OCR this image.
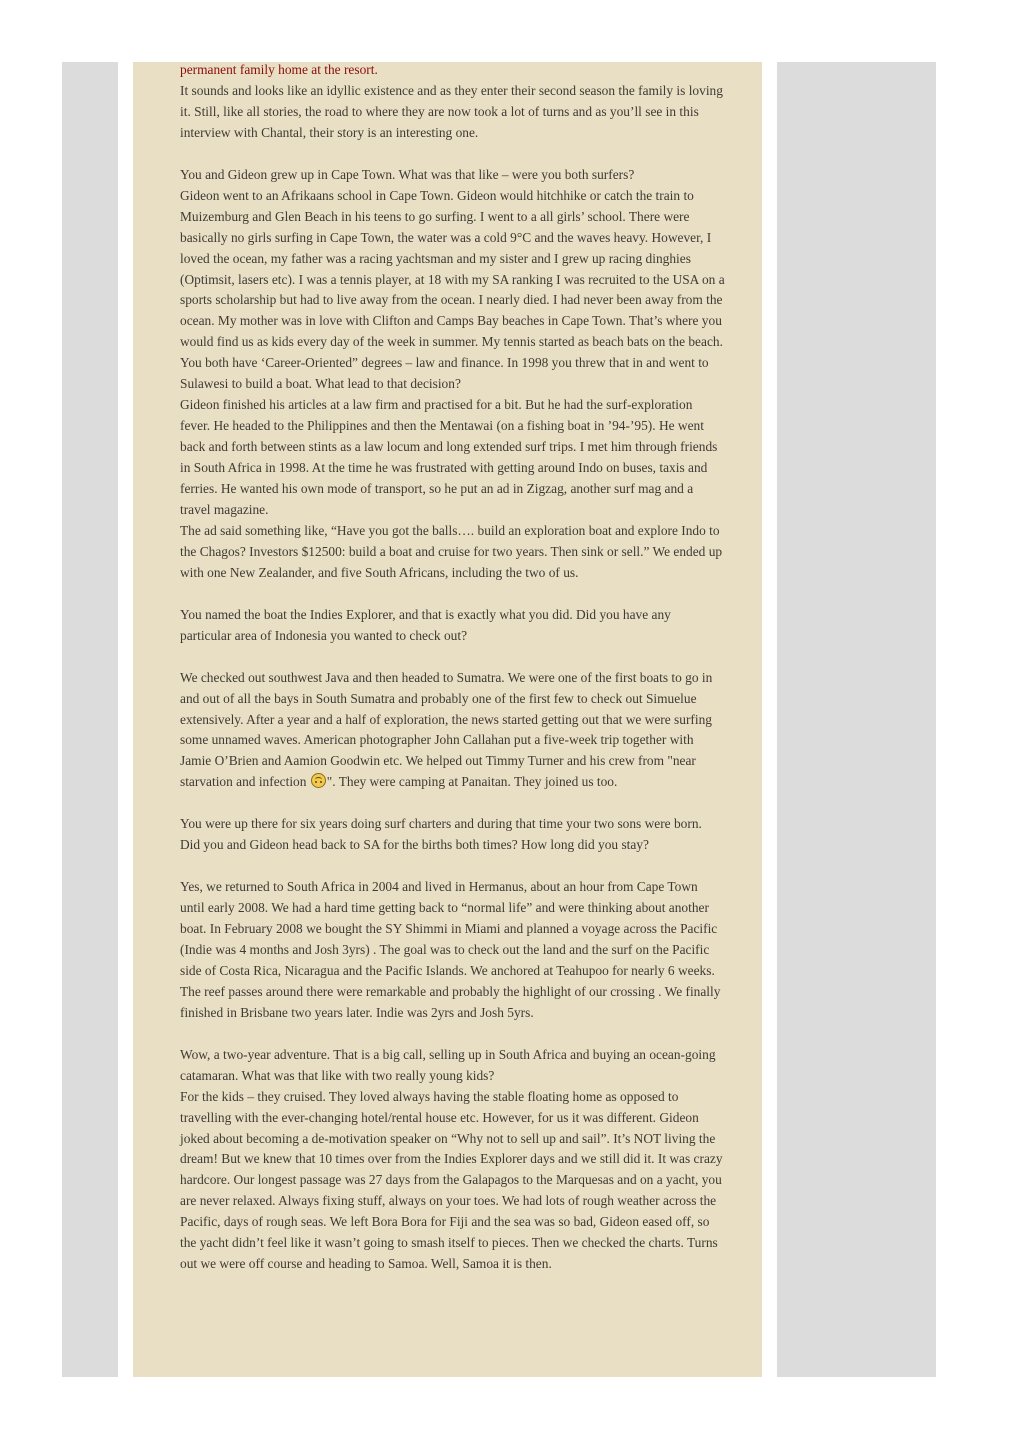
permanent family home at the resort.

It sounds and looks like an idyllic existence and as they enter their second season the family is loving it. Still, like all stories, the road to where they are now took a lot of turns and as you’ll see in this interview with Chantal, their story is an interesting one.

You and Gideon grew up in Cape Town. What was that like – were you both surfers?

Gideon went to an Afrikaans school in Cape Town. Gideon would hitchhike or catch the train to Muizemburg and Glen Beach in his teens to go surfing. I went to a all girls’ school. There were basically no girls surfing in Cape Town, the water was a cold 9°C and the waves heavy. However, I loved the ocean, my father was a racing yachtsman and my sister and I grew up racing dinghies (Optimsit, lasers etc). I was a tennis player, at 18 with my SA ranking I was recruited to the USA on a sports scholarship but had to live away from the ocean. I nearly died. I had never been away from the ocean. My mother was in love with Clifton and Camps Bay beaches in Cape Town. That’s where you would find us as kids every day of the week in summer. My tennis started as beach bats on the beach.

You both have ‘Career-Oriented” degrees – law and finance. In 1998 you threw that in and went to Sulawesi to build a boat. What lead to that decision?

Gideon finished his articles at a law firm and practised for a bit. But he had the surf-exploration fever. He headed to the Philippines and then the Mentawai (on a fishing boat in ’94-’95). He went back and forth between stints as a law locum and long extended surf trips. I met him through friends in South Africa in 1998. At the time he was frustrated with getting around Indo on buses, taxis and ferries. He wanted his own mode of transport, so he put an ad in Zigzag, another surf mag and a travel magazine.

The ad said something like, “Have you got the balls…. build an exploration boat and explore Indo to the Chagos? Investors $12500: build a boat and cruise for two years. Then sink or sell.” We ended up with one New Zealander, and five South Africans, including the two of us.

You named the boat the Indies Explorer, and that is exactly what you did. Did you have any particular area of Indonesia you wanted to check out?

We checked out southwest Java and then headed to Sumatra. We were one of the first boats to go in and out of all the bays in South Sumatra and probably one of the first few to check out Simuelue extensively. After a year and a half of exploration, the news started getting out that we were surfing some unnamed waves. American photographer John Callahan put a five-week trip together with Jamie O’Brien and Aamion Goodwin etc. We helped out Timmy Turner and his crew from "near starvation and infection ". They were camping at Panaitan. They joined us too.

You were up there for six years doing surf charters and during that time your two sons were born. Did you and Gideon head back to SA for the births both times? How long did you stay?

Yes, we returned to South Africa in 2004 and lived in Hermanus, about an hour from Cape Town until early 2008. We had a hard time getting back to “normal life” and were thinking about another boat. In February 2008 we bought the SY Shimmi in Miami and planned a voyage across the Pacific (Indie was 4 months and Josh 3yrs) . The goal was to check out the land and the surf on the Pacific side of Costa Rica, Nicaragua and the Pacific Islands. We anchored at Teahupoo for nearly 6 weeks. The reef passes around there were remarkable and probably the highlight of our crossing . We finally finished in Brisbane two years later. Indie was 2yrs and Josh 5yrs.

Wow, a two-year adventure. That is a big call, selling up in South Africa and buying an ocean-going catamaran. What was that like with two really young kids?

For the kids – they cruised. They loved always having the stable floating home as opposed to travelling with the ever-changing hotel/rental house etc. However, for us it was different. Gideon joked about becoming a de-motivation speaker on “Why not to sell up and sail”. It’s NOT living the dream! But we knew that 10 times over from the Indies Explorer days and we still did it. It was crazy hardcore. Our longest passage was 27 days from the Galapagos to the Marquesas and on a yacht, you are never relaxed. Always fixing stuff, always on your toes. We had lots of rough weather across the Pacific, days of rough seas. We left Bora Bora for Fiji and the sea was so bad, Gideon eased off, so the yacht didn’t feel like it wasn’t going to smash itself to pieces. Then we checked the charts. Turns out we were off course and heading to Samoa. Well, Samoa it is then.
